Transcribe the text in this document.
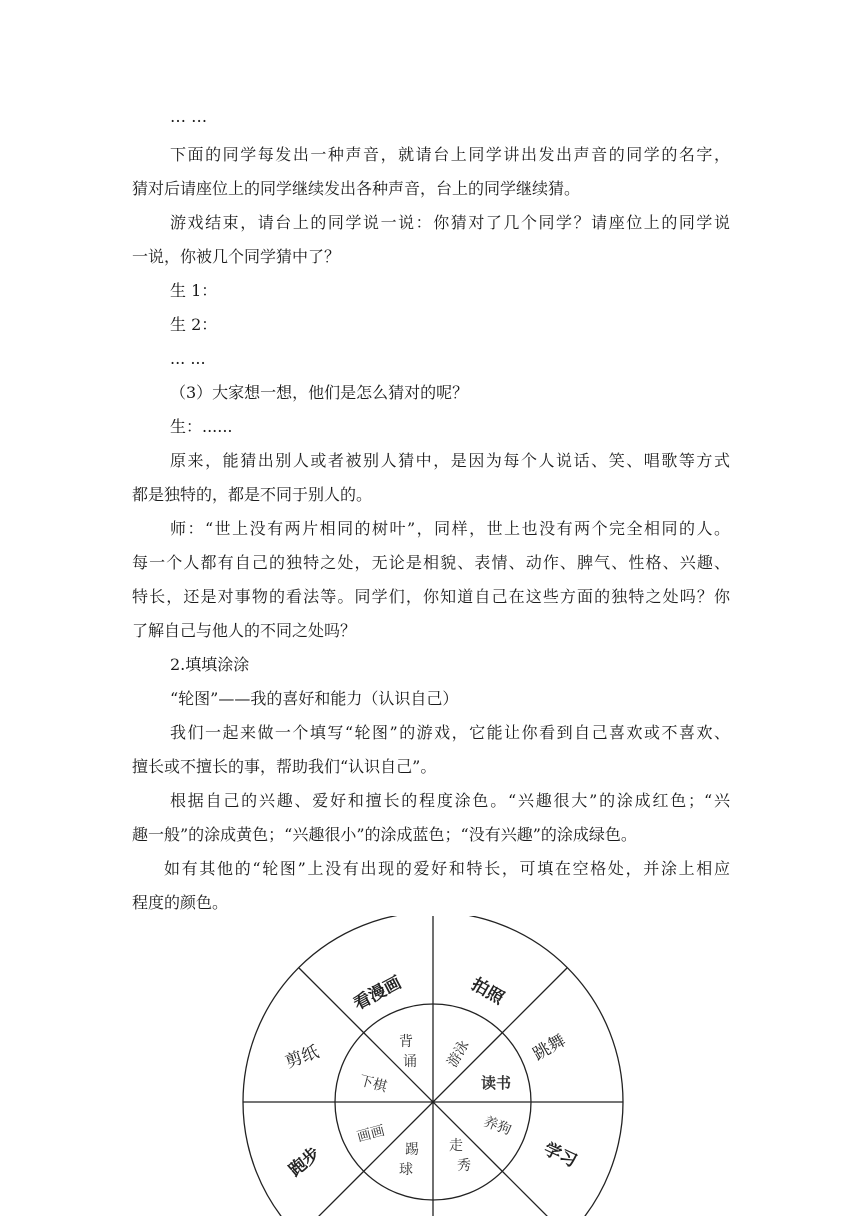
… …
下面的同学每发出一种声音，就请台上同学讲出发出声音的同学的名字，
猜对后请座位上的同学继续发出各种声音，台上的同学继续猜。
游戏结束，请台上的同学说一说：你猜对了几个同学？请座位上的同学说
一说，你被几个同学猜中了？
生 1：
生 2：
... ...
（3）大家想一想，他们是怎么猜对的呢？
生：......
原来，能猜出别人或者被别人猜中，是因为每个人说话、笑、唱歌等方式
都是独特的，都是不同于别人的。
师：“世上没有两片相同的树叶”，同样，世上也没有两个完全相同的人。
每一个人都有自己的独特之处，无论是相貌、表情、动作、脾气、性格、兴趣、
特长，还是对事物的看法等。同学们，你知道自己在这些方面的独特之处吗？你
了解自己与他人的不同之处吗？
2.填填涂涂
“轮图”——我的喜好和能力（认识自己）
我们一起来做一个填写“轮图”的游戏，它能让你看到自己喜欢或不喜欢、
擅长或不擅长的事，帮助我们“认识自己”。
根据自己的兴趣、爱好和擅长的程度涂色。“兴趣很大”的涂成红色；“兴
趣一般”的涂成黄色；“兴趣很小”的涂成蓝色；“没有兴趣”的涂成绿色。
如有其他的“轮图”上没有出现的爱好和特长，可填在空格处，并涂上相应
程度的颜色。
看漫画	拍照
跳舞
学习
剪纸
跑步
背
诵 游泳
下棋	读书
画画
踢
球
走
秀
养狗
